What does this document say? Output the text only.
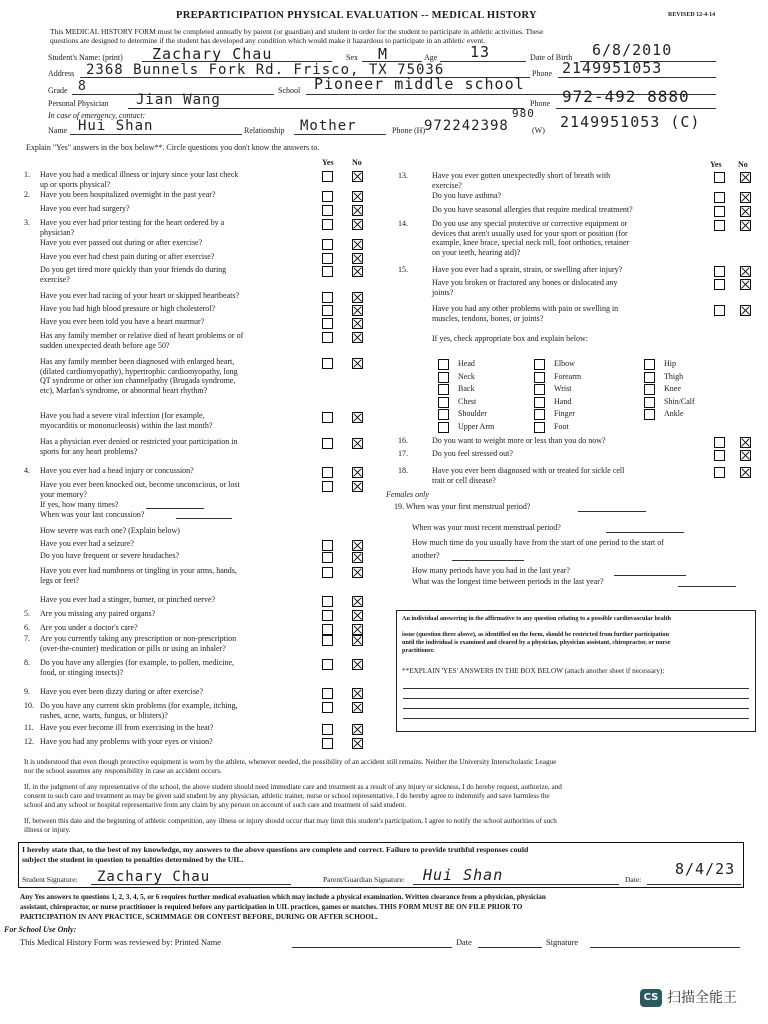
PREPARTICIPATION PHYSICAL EVALUATION -- MEDICAL HISTORY	REVISED 12-4-14
This MEDICAL HISTORY FORM must be completed annually by parent (or guardian) and student in order for the student to participate in athletic activities. These
questions are designed to determine if the student has developed any condition which would make it hazardous to participate in an athletic event.
Student's Name: (print) Zachary Chau	Sex M	Age 13	Date of Birth 6/8/2010
Address 2368 Bunnels Fork Rd. Frisco, TX 75036	Phone 2149951053
Grade 8	School Pioneer middle school
Personal Physician Jian Wang	Phone 972-492 8880
In case of emergency, contact:
Name Hui Shan	Relationship Mother	Phone (H)
972242398
980
(W) 2149951053 (C)
Explain "Yes" answers in the box below**. Circle questions you don't know the answers to.
Yes No	Yes No
1. Have you had a medical illness or injury since your last check
up or sports physical?
2. Have you been hospitalized overnight in the past year?
Have you ever had surgery?
3. Have you ever had prior testing for the heart ordered by a
physician?
Have you ever passed out during or after exercise?
Have you ever had chest pain during or after exercise?
Do you get tired more quickly than your friends do during
exercise?
Have you ever had racing of your heart or skipped heartbeats?
Have you had high blood pressure or high cholesterol?
Have you ever been told you have a heart murmur?
Has any family member or relative died of heart problems or of
sudden unexpected death before age 50?
Has any family member been diagnosed with enlarged heart,
(dilated cardiomyopathy), hypertrophic cardiomyopathy, long
QT syndrome or other ion channelpathy (Brugada syndrome,
etc), Marfan's syndrome, or abnormal heart rhythm?
Have you had a severe viral infection (for example,
myocarditis or mononucleosis) within the last month?
Has a physician ever denied or restricted your participation in
sports for any heart problems?
4. Have you ever had a head injury or concussion?
Have you ever been knocked out, become unconscious, or lost
your memory?
If yes, how many times?
When was your last concussion?
How severe was each one? (Explain below)
Have you ever had a seizure?
Do you have frequent or severe headaches?
Have you ever had numbness or tingling in your arms, hands,
legs or feet?
Have you ever had a stinger, burner, or pinched nerve?
5. Are you missing any paired organs?
6. Are you under a doctor's care?
7. Are you currently taking any prescription or non-prescription
(over-the-counter) medication or pills or using an inhaler?
8. Do you have any allergies (for example, to pollen, medicine,
food, or stinging insects)?
9. Have you ever been dizzy during or after exercise?
10. Do you have any current skin problems (for example, itching,
rashes, acne, warts, fungus, or blisters)?
11. Have you ever become ill from exercising in the heat?
12. Have you had any problems with your eyes or vision?
13.	Have you ever gotten unexpectedly short of breath with
exercise?
Do you have asthma?
Do you have seasonal allergies that require medical treatment?
14.	Do you use any special protective or corrective equipment or
devices that aren't usually used for your sport or position (for
example, knee brace, special neck roll, foot orthotics, retainer
on your teeth, hearing aid)?
15.	Have you ever had a sprain, strain, or swelling after injury?
Have you broken or fractured any bones or dislocated any
joints?
Have you had any other problems with pain or swelling in
muscles, tendons, bones, or joints?
If yes, check appropriate box and explain below:
16.	Do you want to weight more or less than you do now?
17.	Do you feel stressed out?
18.	Have you ever been diagnosed with or treated for sickle cell
trait or cell disease?
Head	Elbow	Hip
Neck	Forearm	Thigh
Back	Wrist	Knee
Chest	Hand	Shin/Calf
Shoulder	Finger	Ankle
Upper Arm	Foot
Females only
19. When was your first menstrual period?
When was your most recent menstrual period?
How much time do you usually have from the start of one period to the start of
another?
How many periods have you had in the last year?
What was the longest time between periods in the last year?
An individual answering in the affirmative to any question relating to a possible cardiovascular health
issue (question three above), as identified on the form, should be restricted from further participation
until the individual is examined and cleared by a physician, physician assistant, chiropractor, or nurse
practitioner.
**EXPLAIN 'YES' ANSWERS IN THE BOX BELOW (attach another sheet if necessary):
It is understood that even though protective equipment is worn by the athlete, whenever needed, the possibility of an accident still remains. Neither the University Interscholastic League
nor the school assumes any responsibility in case an accident occurs.
If, in the judgment of any representative of the school, the above student should need immediate care and treatment as a result of any injury or sickness, I do hereby request, authorize, and
consent to such care and treatment as may be given said student by any physician, athletic trainer, nurse or school representative. I do hereby agree to indemnify and save harmless the
school and any school or hospital representative from any claim by any person on account of such care and treatment of said student.
If, between this date and the beginning of athletic competition, any illness or injury should occur that may limit this student's participation, I agree to notify the school authorities of such
illness or injury.
I hereby state that, to the best of my knowledge, my answers to the above questions are complete and correct. Failure to provide truthful responses could
subject the student in question to penalties determined by the UIL.
Student Signature: Zachary Chau	Parent/Guardian Signature: Hui Shan	Date:
8/4/23
Any Yes answers to questions 1, 2, 3, 4, 5, or 6 requires further medical evaluation which may include a physical examination. Written clearance from a physician, physician
assistant, chiropractor, or nurse practitioner is required before any participation in UIL practices, games or matches. THIS FORM MUST BE ON FILE PRIOR TO
PARTICIPATION IN ANY PRACTICE, SCRIMMAGE OR CONTEST BEFORE, DURING OR AFTER SCHOOL.
For School Use Only:
This Medical History Form was reviewed by: Printed Name	Date	Signature
CS 扫描全能王
